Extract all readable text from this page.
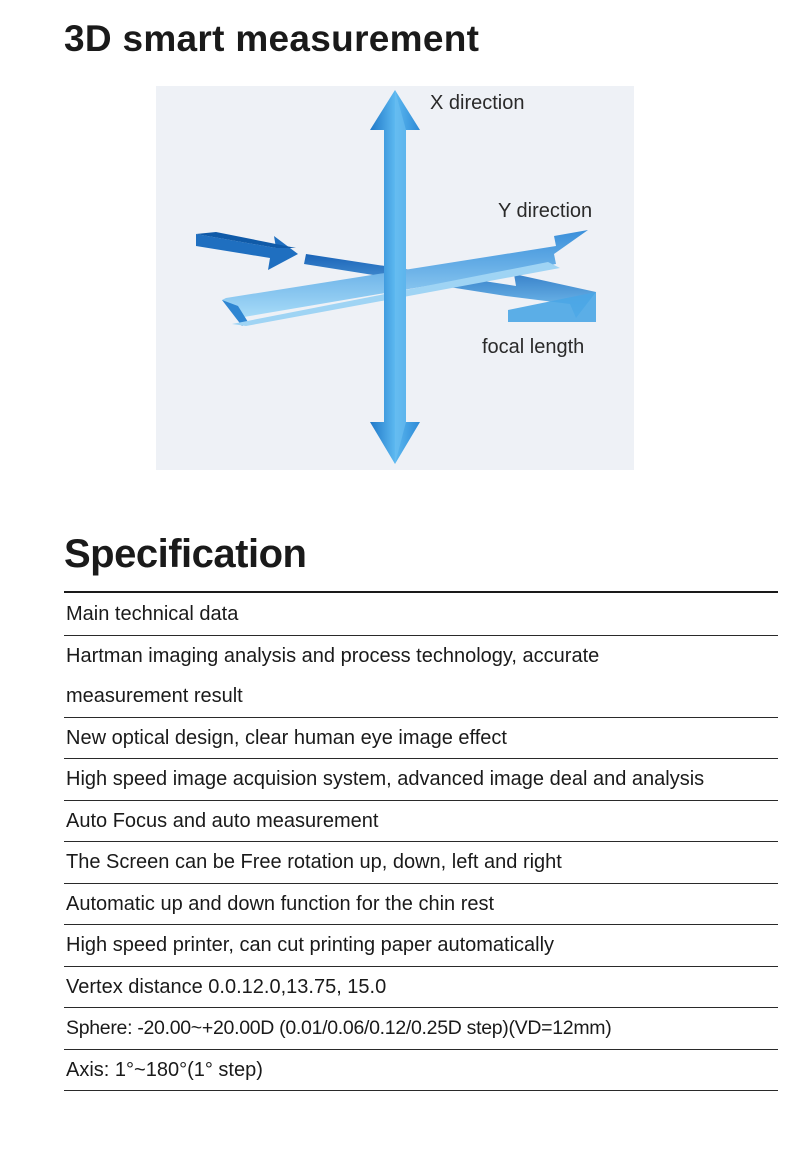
3D smart measurement
X direction
Y direction
focal length
Specification
Main technical data
Hartman imaging analysis and process technology, accurate measurement result
New optical design, clear human eye image effect
High speed image acquision system, advanced image deal and analysis
Auto Focus and auto measurement
The Screen can be Free rotation up, down, left and right
Automatic up and down function for the chin rest
High speed printer, can cut printing paper automatically
Vertex distance 0.0.12.0,13.75, 15.0
Sphere: -20.00~+20.00D (0.01/0.06/0.12/0.25D step)(VD=12mm)
Axis: 1°~180°(1° step)
